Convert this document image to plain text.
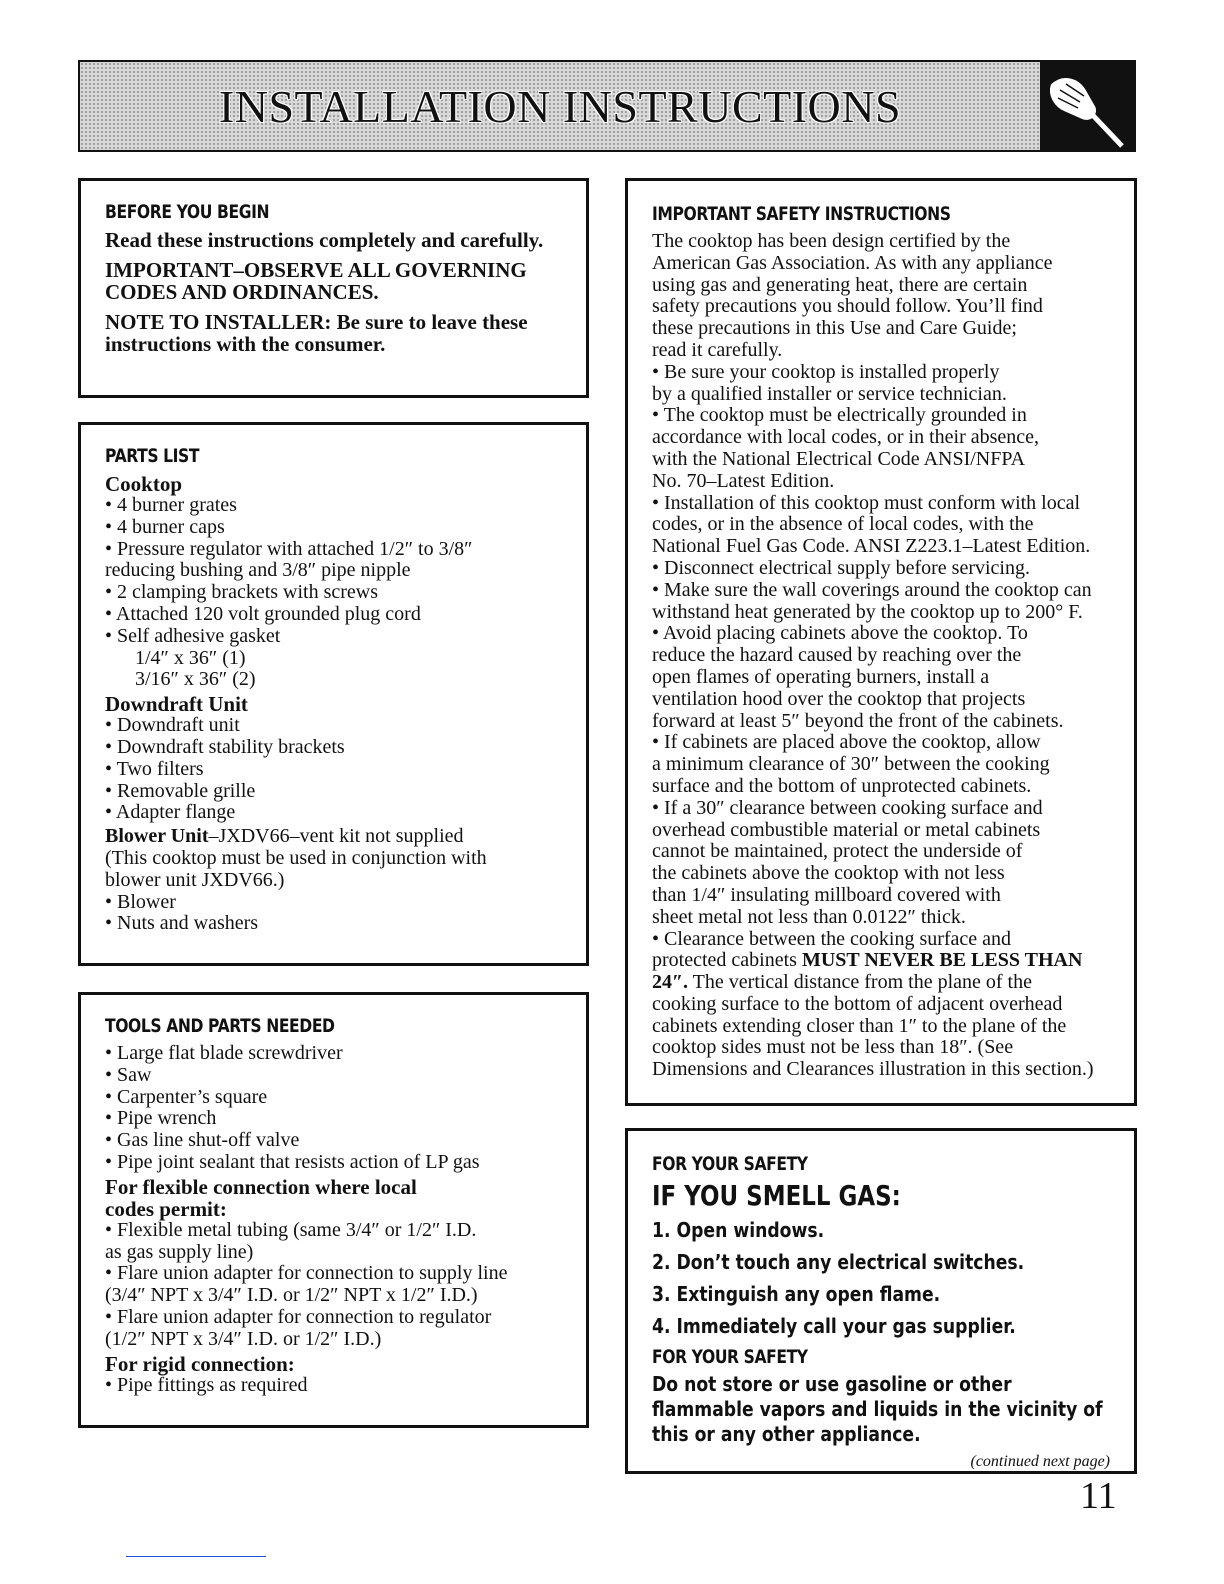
INSTALLATION INSTRUCTIONS
BEFORE YOU BEGIN
Read these instructions completely and carefully.
IMPORTANT–OBSERVE ALL GOVERNING CODES AND ORDINANCES.
NOTE TO INSTALLER: Be sure to leave these instructions with the consumer.
PARTS LIST
Cooktop
• 4 burner grates
• 4 burner caps
• Pressure regulator with attached 1/2″ to 3/8″
reducing bushing and 3/8″ pipe nipple
• 2 clamping brackets with screws
• Attached 120 volt grounded plug cord
• Self adhesive gasket
1/4″ x 36″ (1)
3/16″ x 36″ (2)
Downdraft Unit
• Downdraft unit
• Downdraft stability brackets
• Two filters
• Removable grille
• Adapter flange
Blower Unit–JXDV66–vent kit not supplied
(This cooktop must be used in conjunction with
blower unit JXDV66.)
• Blower
• Nuts and washers
TOOLS AND PARTS NEEDED
• Large flat blade screwdriver
• Saw
• Carpenter’s square
• Pipe wrench
• Gas line shut-off valve
• Pipe joint sealant that resists action of LP gas
For flexible connection where local
codes permit:
• Flexible metal tubing (same 3/4″ or 1/2″ I.D.
as gas supply line)
• Flare union adapter for connection to supply line
(3/4″ NPT x 3/4″ I.D. or 1/2″ NPT x 1/2″ I.D.)
• Flare union adapter for connection to regulator
(1/2″ NPT x 3/4″ I.D. or 1/2″ I.D.)
For rigid connection:
• Pipe fittings as required
IMPORTANT SAFETY INSTRUCTIONS
The cooktop has been design certified by the
American Gas Association. As with any appliance
using gas and generating heat, there are certain
safety precautions you should follow. You’ll find
these precautions in this Use and Care Guide;
read it carefully.
• Be sure your cooktop is installed properly
by a qualified installer or service technician.
• The cooktop must be electrically grounded in
accordance with local codes, or in their absence,
with the National Electrical Code ANSI/NFPA
No. 70–Latest Edition.
• Installation of this cooktop must conform with local
codes, or in the absence of local codes, with the
National Fuel Gas Code. ANSI Z223.1–Latest Edition.
• Disconnect electrical supply before servicing.
• Make sure the wall coverings around the cooktop can
withstand heat generated by the cooktop up to 200° F.
• Avoid placing cabinets above the cooktop. To
reduce the hazard caused by reaching over the
open flames of operating burners, install a
ventilation hood over the cooktop that projects
forward at least 5″ beyond the front of the cabinets.
• If cabinets are placed above the cooktop, allow
a minimum clearance of 30″ between the cooking
surface and the bottom of unprotected cabinets.
• If a 30″ clearance between cooking surface and
overhead combustible material or metal cabinets
cannot be maintained, protect the underside of
the cabinets above the cooktop with not less
than 1/4″ insulating millboard covered with
sheet metal not less than 0.0122″ thick.
• Clearance between the cooking surface and
protected cabinets MUST NEVER BE LESS THAN
24″. The vertical distance from the plane of the
cooking surface to the bottom of adjacent overhead
cabinets extending closer than 1″ to the plane of the
cooktop sides must not be less than 18″. (See
Dimensions and Clearances illustration in this section.)
FOR YOUR SAFETY
IF YOU SMELL GAS:
1. Open windows.
2. Don’t touch any electrical switches.
3. Extinguish any open flame.
4. Immediately call your gas supplier.
FOR YOUR SAFETY
Do not store or use gasoline or other flammable vapors and liquids in the vicinity of this or any other appliance.
(continued next page)
11
